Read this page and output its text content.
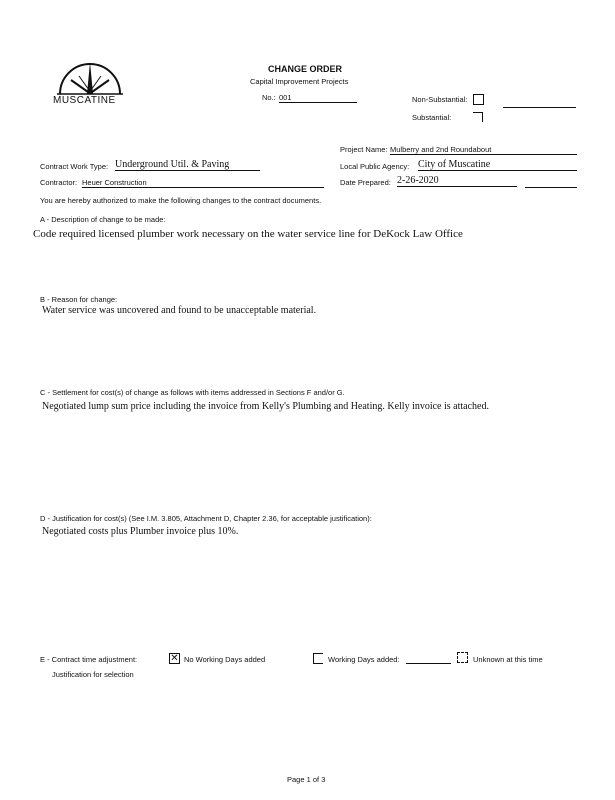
MUSCATINE
CHANGE ORDER
Capital Improvement Projects
No.: 001	Non-Substantial:
Substantial:
Project Name: Mulberry and 2nd Roundabout
Contract Work Type: Underground Util. & Paving	Local Public Agency: City of Muscatine
Contractor: Heuer Construction	Date Prepared: 2-26-2020
You are hereby authorized to make the following changes to the contract documents.
A - Description of change to be made:
Code required licensed plumber work necessary on the water service line for DeKock Law Office
B - Reason for change:
Water service was uncovered and found to be unacceptable material.
C - Settlement for cost(s) of change as follows with items addressed in Sections F and/or G.
Negotiated lump sum price including the invoice from Kelly's Plumbing and Heating. Kelly invoice is attached.
D - Justification for cost(s) (See I.M. 3.805, Attachment D, Chapter 2.36, for acceptable justification):
Negotiated costs plus Plumber invoice plus 10%.
E - Contract time adjustment:	✕ No Working Days added	Working Days added:	Unknown at this time
Justification for selection
Page 1 of 3
